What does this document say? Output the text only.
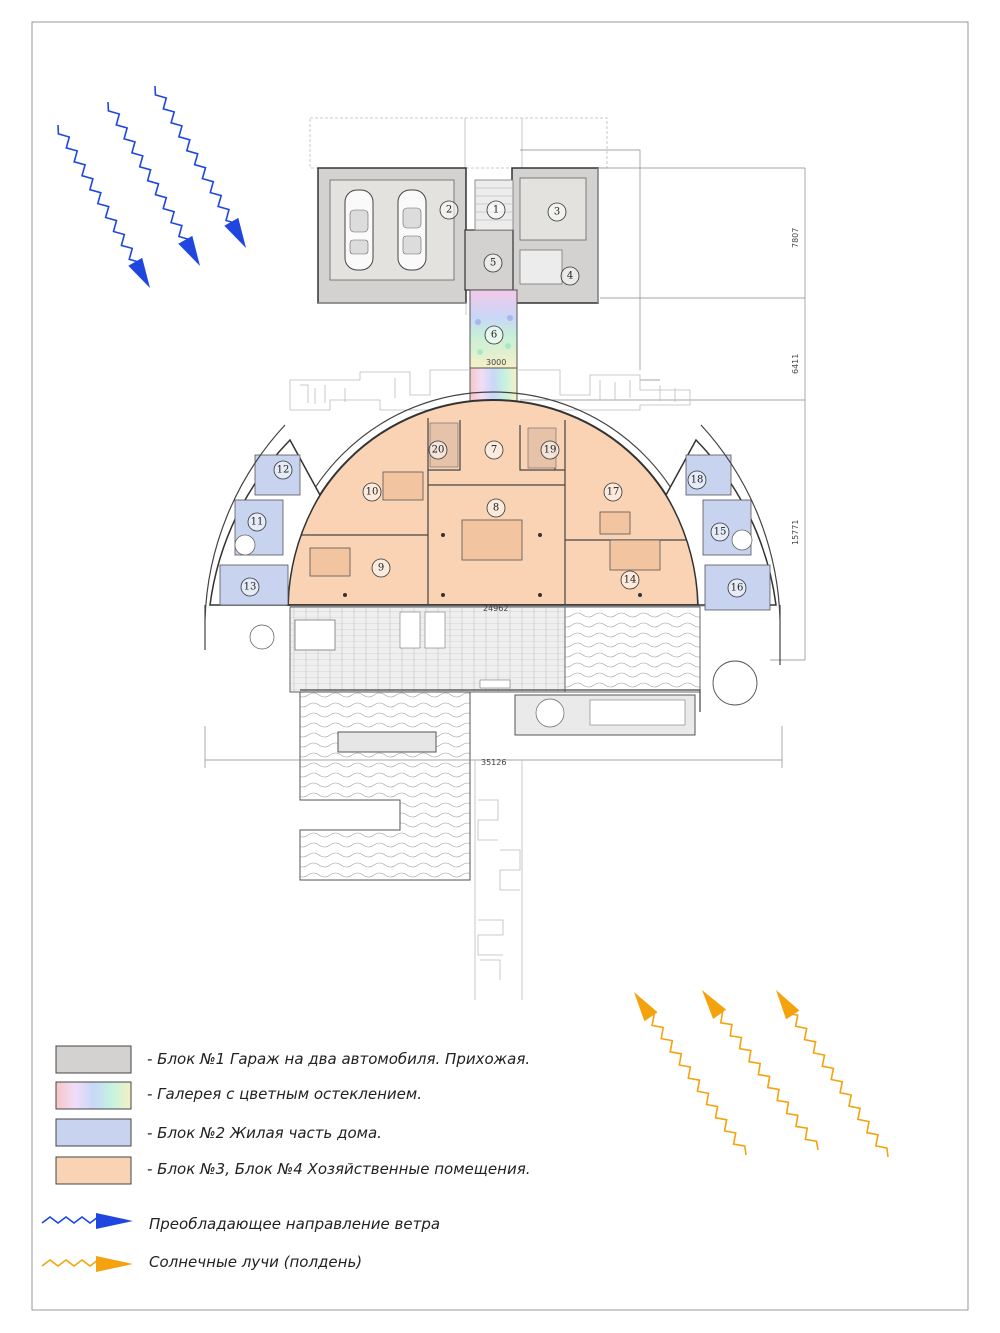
3000
1
2	3
4
5
6
7
8
9
10
11
12
13
14
15
16
17
18
19
20
7807
6411
15771
24962
35126
- Блок №1 Гараж на два автомобиля. Прихожая.
- Галерея с цветным остеклением.
- Блок №2 Жилая часть дома.
- Блок №3, Блок №4 Хозяйственные помещения.
Преобладающее направление ветра
Солнечные лучи (полдень)
